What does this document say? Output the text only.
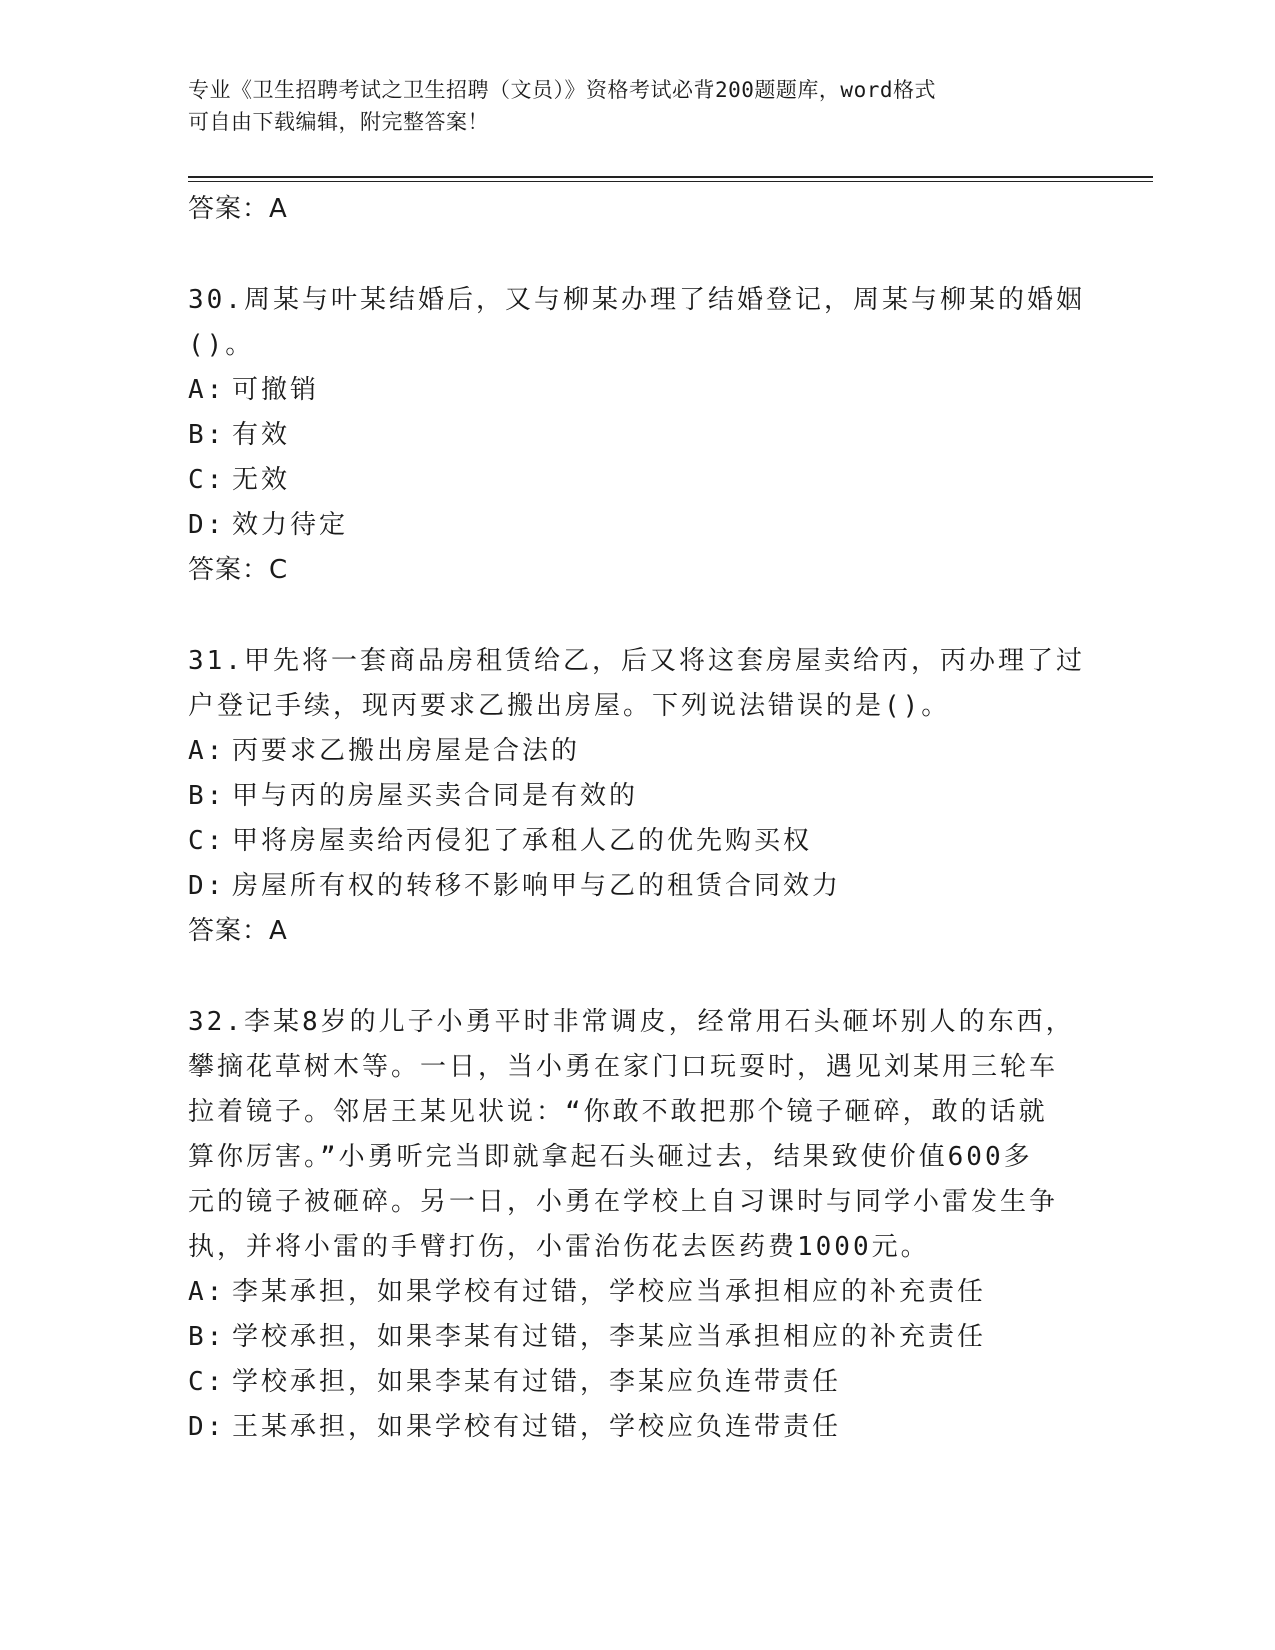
专业《卫生招聘考试之卫生招聘（文员）》资格考试必背200题题库，word格式
可自由下载编辑，附完整答案！
答案：A

30.周某与叶某结婚后，又与柳某办理了结婚登记，周某与柳某的婚姻

()。

A: 可撤销
B: 有效
C: 无效
D: 效力待定
答案：C

31.甲先将一套商品房租赁给乙，后又将这套房屋卖给丙，丙办理了过

户登记手续，现丙要求乙搬出房屋。下列说法错误的是()。

A: 丙要求乙搬出房屋是合法的
B: 甲与丙的房屋买卖合同是有效的
C: 甲将房屋卖给丙侵犯了承租人乙的优先购买权
D: 房屋所有权的转移不影响甲与乙的租赁合同效力
答案：A

32.李某8岁的儿子小勇平时非常调皮，经常用石头砸坏别人的东西，

攀摘花草树木等。一日，当小勇在家门口玩耍时，遇见刘某用三轮车

拉着镜子。邻居王某见状说：“你敢不敢把那个镜子砸碎，敢的话就

算你厉害。”小勇听完当即就拿起石头砸过去，结果致使价值600多

元的镜子被砸碎。另一日，小勇在学校上自习课时与同学小雷发生争

执，并将小雷的手臂打伤，小雷治伤花去医药费1000元。

A: 李某承担，如果学校有过错，学校应当承担相应的补充责任
B: 学校承担，如果李某有过错，李某应当承担相应的补充责任
C: 学校承担，如果李某有过错，李某应负连带责任
D: 王某承担，如果学校有过错，学校应负连带责任
